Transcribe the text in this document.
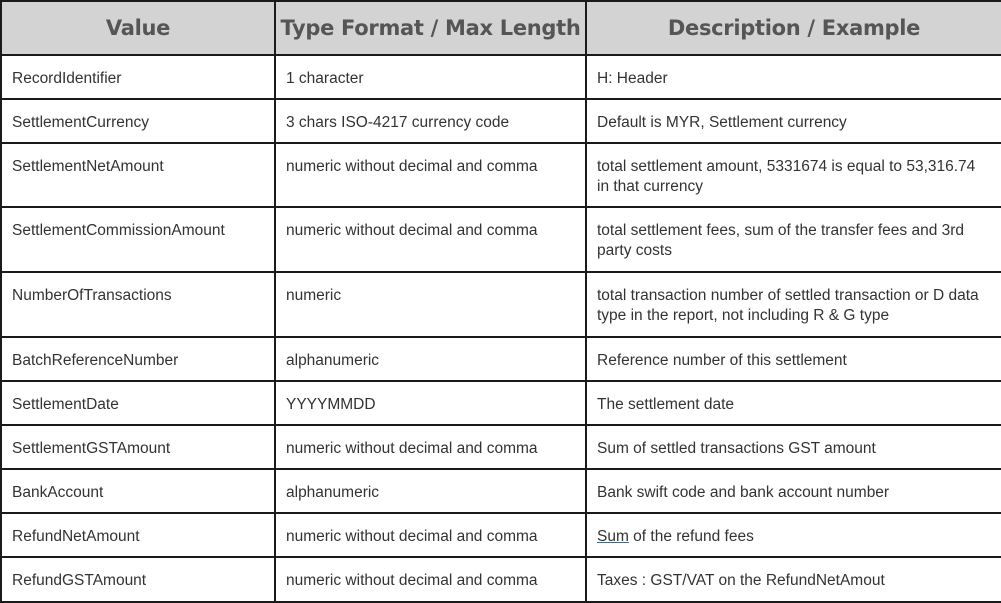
Value	Type Format / Max Length	Description / Example
RecordIdentifier	1 character	H: Header
SettlementCurrency	3 chars ISO-4217 currency code	Default is MYR, Settlement currency
SettlementNetAmount	numeric without decimal and comma	total settlement amount, 5331674 is equal to 53,316.74 in that currency
SettlementCommissionAmount	numeric without decimal and comma	total settlement fees, sum of the transfer fees and 3rd party costs
NumberOfTransactions	numeric	total transaction number of settled transaction or D data type in the report, not including R & G type
BatchReferenceNumber	alphanumeric	Reference number of this settlement
SettlementDate	YYYYMMDD	The settlement date
SettlementGSTAmount	numeric without decimal and comma	Sum of settled transactions GST amount
BankAccount	alphanumeric	Bank swift code and bank account number
RefundNetAmount	numeric without decimal and comma	Sum of the refund fees
RefundGSTAmount	numeric without decimal and comma	Taxes : GST/VAT on the RefundNetAmout
